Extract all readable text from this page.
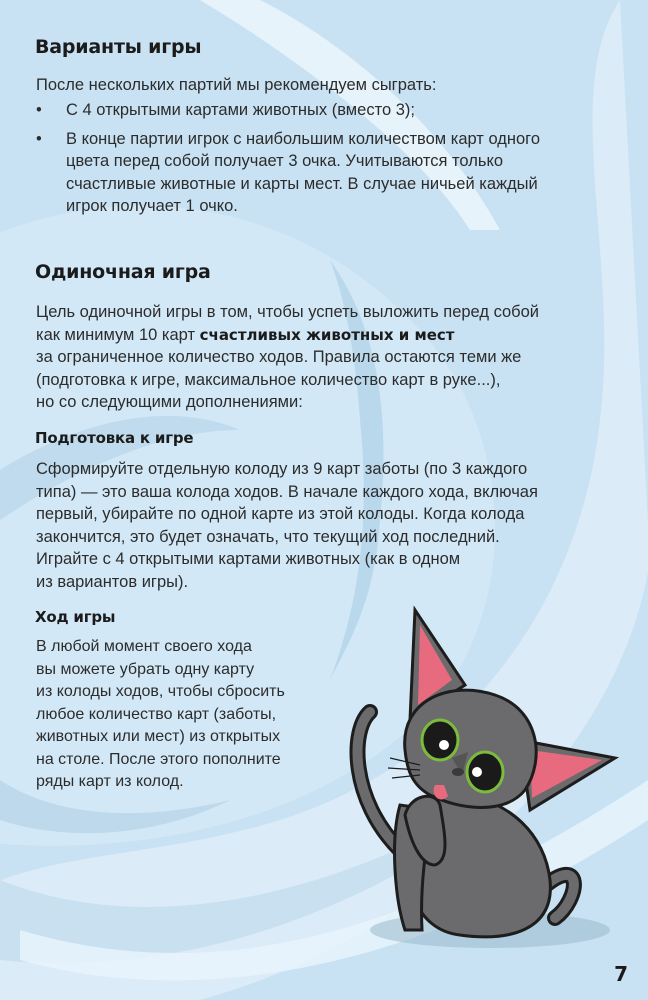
Варианты игры

После нескольких партий мы рекомендуем сыграть:

• С 4 открытыми картами животных (вместо 3);
• В конце партии игрок с наибольшим количеством карт одного
цвета перед собой получает 3 очка. Учитываются только
счастливые животные и карты мест. В случае ничьей каждый
игрок получает 1 очко.
Одиночная игра

Цель одиночной игры в том, чтобы успеть выложить перед собой
как минимум 10 карт счастливых животных и мест
за ограниченное количество ходов. Правила остаются теми же
(подготовка к игре, максимальное количество карт в руке...),
но со следующими дополнениями:

Подготовка к игре

Сформируйте отдельную колоду из 9 карт заботы (по 3 каждого
типа) — это ваша колода ходов. В начале каждого хода, включая
первый, убирайте по одной карте из этой колоды. Когда колода
закончится, это будет означать, что текущий ход последний.
Играйте с 4 открытыми картами животных (как в одном
из вариантов игры).

Ход игры

В любой момент своего хода
вы можете убрать одну карту
из колоды ходов, чтобы сбросить
любое количество карт (заботы,
животных или мест) из открытых
на столе. После этого пополните
ряды карт из колод.

7
